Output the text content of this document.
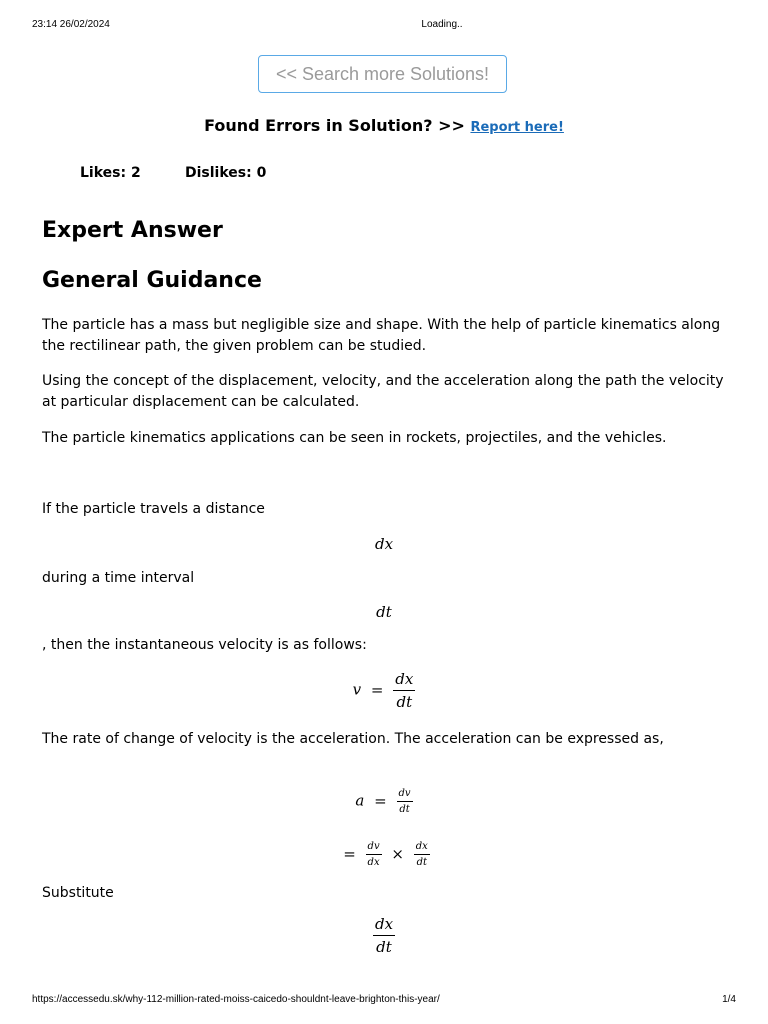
23:14 26/02/2024	Loading..
<< Search more Solutions!
Found Errors in Solution? >> Report here!
Likes: 2	Dislikes: 0
Expert Answer
General Guidance

The particle has a mass but negligible size and shape. With the help of particle kinematics along the rectilinear path, the given problem can be studied.

Using the concept of the displacement, velocity, and the acceleration along the path the velocity at particular displacement can be calculated.

The particle kinematics applications can be seen in rockets, projectiles, and the vehicles.

If the particle travels a distance

dx

during a time interval

dt

, then the instantaneous velocity is as follows:

$v = \frac{dx}{dt}$

The rate of change of velocity is the acceleration. The acceleration can be expressed as,

$a = \frac{dv}{dt}$
= $\frac{dv}{dx} \times \frac{dx}{dt}$

Substitute

$\frac{dx}{dt}$
https://accessedu.sk/why-112-million-rated-moiss-caicedo-shouldnt-leave-brighton-this-year/	1/4
